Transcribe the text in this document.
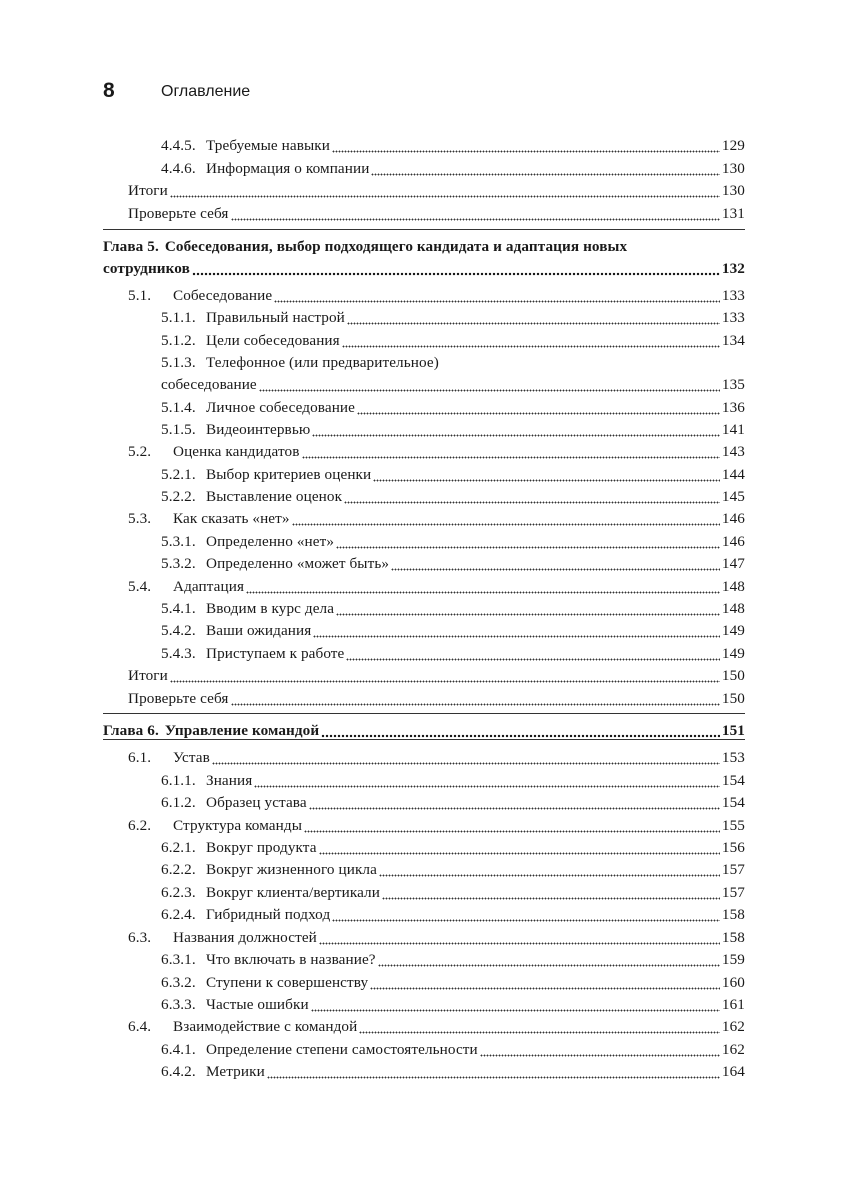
8	Оглавление
4.4.5. Требуемые навыки	129
4.4.6. Информация о компании	130
Итоги	130
Проверьте себя	131
Глава 5. Собеседования, выбор подходящего кандидата и адаптация новых
сотрудников	132
5.1. Собеседование	133
5.1.1. Правильный настрой	133
5.1.2. Цели собеседования	134
5.1.3. Телефонное (или предварительное)
собеседование	135
5.1.4. Личное собеседование	136
5.1.5. Видеоинтервью	141
5.2. Оценка кандидатов	143
5.2.1. Выбор критериев оценки	144
5.2.2. Выставление оценок	145
5.3. Как сказать «нет»	146
5.3.1. Определенно «нет»	146
5.3.2. Определенно «может быть»	147
5.4. Адаптация	148
5.4.1. Вводим в курс дела	148
5.4.2. Ваши ожидания	149
5.4.3. Приступаем к работе	149
Итоги	150
Проверьте себя	150
Глава 6. Управление командой	151
6.1. Устав	153
6.1.1. Знания	154
6.1.2. Образец устава	154
6.2. Структура команды	155
6.2.1. Вокруг продукта	156
6.2.2. Вокруг жизненного цикла	157
6.2.3. Вокруг клиента/вертикали	157
6.2.4. Гибридный подход	158
6.3. Названия должностей	158
6.3.1. Что включать в название?	159
6.3.2. Ступени к совершенству	160
6.3.3. Частые ошибки	161
6.4. Взаимодействие с командой	162
6.4.1. Определение степени самостоятельности	162
6.4.2. Метрики	164
